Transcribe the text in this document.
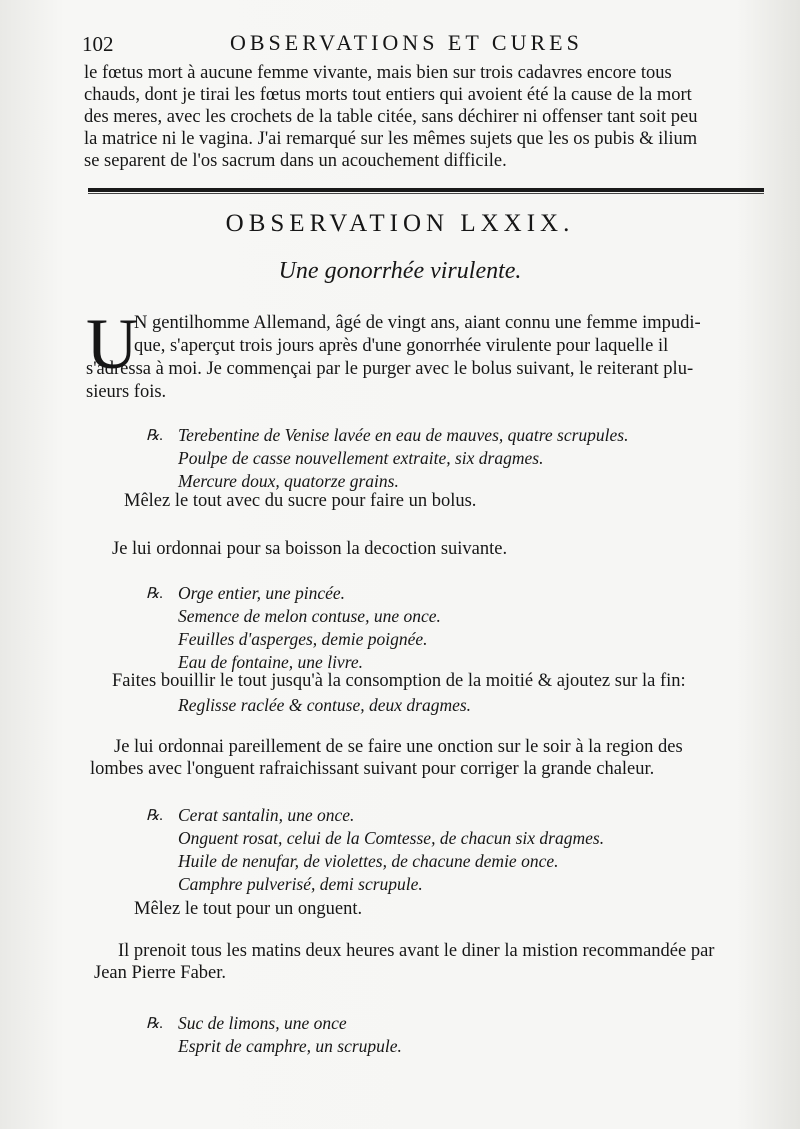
102	OBSERVATIONS ET CURES
le fœtus mort à aucune femme vivante, mais bien sur trois cadavres encore tous
chauds, dont je tirai les fœtus morts tout entiers qui avoient été la cause de la mort
des meres, avec les crochets de la table citée, sans déchirer ni offenser tant soit peu
la matrice ni le vagina. J'ai remarqué sur les mêmes sujets que les os pubis & ilium
se separent de l'os sacrum dans un acouchement difficile.
OBSERVATION LXXIX.
Une gonorrhée virulente.
U
N gentilhomme Allemand, âgé de vingt ans, aiant connu une femme impudi-
que, s'aperçut trois jours après d'une gonorrhée virulente pour laquelle il
s'adressa à moi. Je commençai par le purger avec le bolus suivant, le reiterant plu-
sieurs fois.
℞. Terebentine de Venise lavée en eau de mauves, quatre scrupules.
Poulpe de casse nouvellement extraite, six dragmes.
Mercure doux, quatorze grains.
Mêlez le tout avec du sucre pour faire un bolus.
Je lui ordonnai pour sa boisson la decoction suivante.
℞. Orge entier, une pincée.
Semence de melon contuse, une once.
Feuilles d'asperges, demie poignée.
Eau de fontaine, une livre.
Faites bouillir le tout jusqu'à la consomption de la moitié & ajoutez sur la fin:
Reglisse raclée & contuse, deux dragmes.
Je lui ordonnai pareillement de se faire une onction sur le soir à la region des
lombes avec l'onguent rafraichissant suivant pour corriger la grande chaleur.
℞. Cerat santalin, une once.
Onguent rosat, celui de la Comtesse, de chacun six dragmes.
Huile de nenufar, de violettes, de chacune demie once.
Camphre pulverisé, demi scrupule.
Mêlez le tout pour un onguent.
Il prenoit tous les matins deux heures avant le diner la mistion recommandée par
Jean Pierre Faber.
℞. Suc de limons, une once
Esprit de camphre, un scrupule.
